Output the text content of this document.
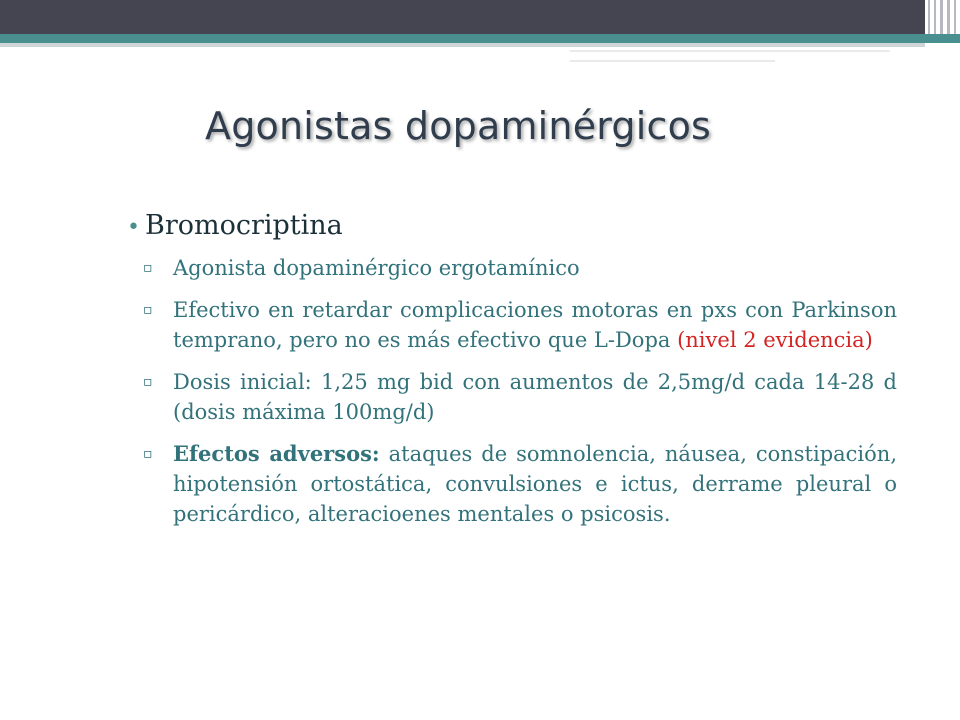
Agonistas dopaminérgicos
• Bromocriptina
▫ Agonista dopaminérgico ergotamínico
▫ Efectivo en retardar complicaciones motoras en pxs con Parkinson temprano, pero no es más efectivo que L-Dopa (nivel 2 evidencia)
▫ Dosis inicial: 1,25 mg bid con aumentos de 2,5mg/d cada 14-28 d (dosis máxima 100mg/d)
▫ Efectos adversos: ataques de somnolencia, náusea, constipación, hipotensión ortostática, convulsiones e ictus, derrame pleural o pericárdico, alteracioenes mentales o psicosis.
